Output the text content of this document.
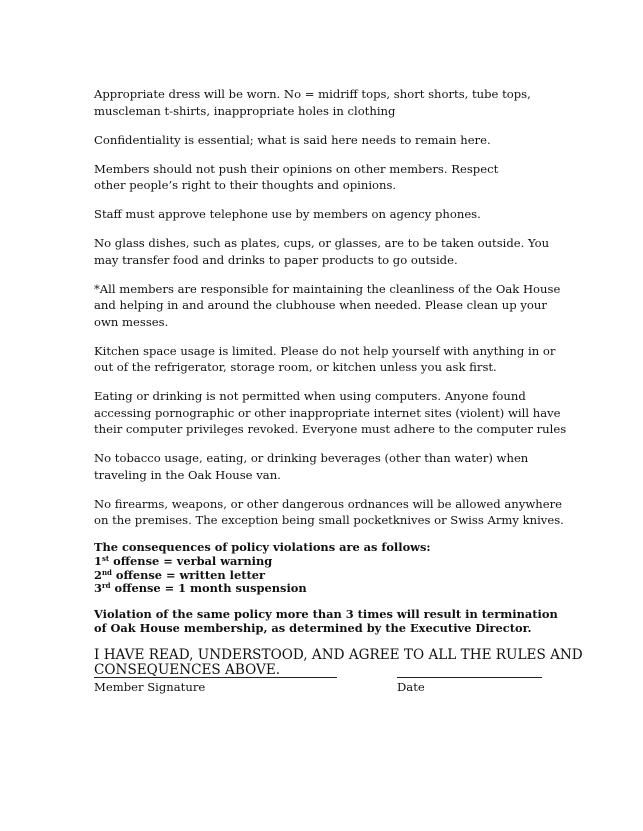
Appropriate dress will be worn. No = midriff tops, short shorts, tube tops,
muscleman t-shirts, inappropriate holes in clothing
Confidentiality is essential; what is said here needs to remain here.
Members should not push their opinions on other members. Respect
other people’s right to their thoughts and opinions.
Staff must approve telephone use by members on agency phones.
No glass dishes, such as plates, cups, or glasses, are to be taken outside. You
may transfer food and drinks to paper products to go outside.
*All members are responsible for maintaining the cleanliness of the Oak House
and helping in and around the clubhouse when needed. Please clean up your
own messes.
Kitchen space usage is limited. Please do not help yourself with anything in or
out of the refrigerator, storage room, or kitchen unless you ask first.
Eating or drinking is not permitted when using computers. Anyone found
accessing pornographic or other inappropriate internet sites (violent) will have
their computer privileges revoked. Everyone must adhere to the computer rules
No tobacco usage, eating, or drinking beverages (other than water) when
traveling in the Oak House van.
No firearms, weapons, or other dangerous ordnances will be allowed anywhere
on the premises. The exception being small pocketknives or Swiss Army knives.
The consequences of policy violations are as follows:
1st offense = verbal warning
2nd offense = written letter
3rd offense = 1 month suspension
Violation of the same policy more than 3 times will result in termination
of Oak House membership, as determined by the Executive Director.
I HAVE READ, UNDERSTOOD, AND AGREE TO ALL THE RULES AND
CONSEQUENCES ABOVE.
Member Signature	Date
